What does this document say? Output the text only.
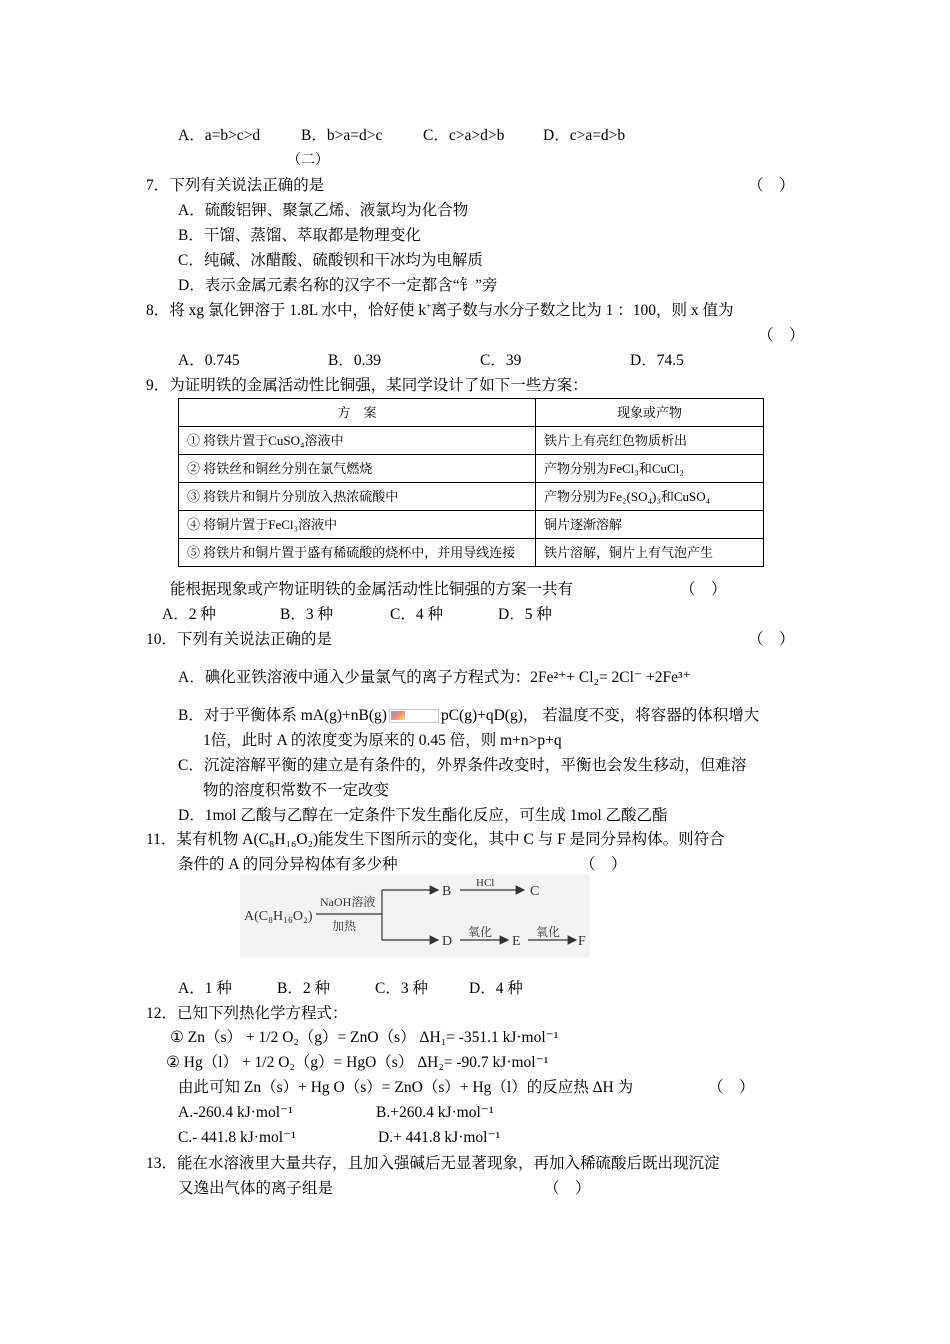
A．a=b>c>d	B．b>a=d>c	C．c>a>d>b D．c>a=d>b
（二）
7．下列有关说法正确的是	（　）
A．硫酸铝钾、聚氯乙烯、液氯均为化合物
B．干馏、蒸馏、萃取都是物理变化
C．纯碱、冰醋酸、硫酸钡和干冰均为电解质
D．表示金属元素名称的汉字不一定都含“钅”旁
8．将 xg 氯化钾溶于 1.8L 水中，恰好使 k+离子数与水分子数之比为 1 ：100，则 x 值为
（　）
A．0.745	B．0.39	C．39	D．74.5
9．为证明铁的金属活动性比铜强，某同学设计了如下一些方案：
方　案	现象或产物
① 将铁片置于CuSO₄溶液中	铁片上有亮红色物质析出
② 将铁丝和铜丝分别在氯气燃烧	产物分别为FeCl₃和CuCl₂
③ 将铁片和铜片分别放入热浓硫酸中	产物分别为Fe₂(SO₄)₃和CuSO₄
④ 将铜片置于FeCl₃溶液中	铜片逐渐溶解
⑤ 将铁片和铜片置于盛有稀硫酸的烧杯中，并用导线连接	铁片溶解，铜片上有气泡产生
能根据现象或产物证明铁的金属活动性比铜强的方案一共有	（　）
A．2 种	B．3 种	C．4 种	D．5 种
10．下列有关说法正确的是	（　）
A．碘化亚铁溶液中通入少量氯气的离子方程式为：2Fe²⁺+ Cl₂= 2Cl⁻ +2Fe³⁺
B．对于平衡体系 mA(g)+nB(g)	pC(g)+qD(g)， 若温度不变，将容器的体积增大
1倍，此时 A 的浓度变为原来的 0.45 倍，则 m+n>p+q
C．沉淀溶解平衡的建立是有条件的，外界条件改变时，平衡也会发生移动，但难溶
物的溶度积常数不一定改变
D．1mol 乙酸与乙醇在一定条件下发生酯化反应，可生成 1mol 乙酸乙酯
11．某有机物 A(C₈H₁₆O₂)能发生下图所示的变化，其中 C 与 F 是同分异构体。则符合
条件的 A 的同分异构体有多少种	（　）
A(C₈H₁₆O₂)
NaOH溶液
加热
B
HCl
C
D
氧化
E
氧化
F
A．1 种	B．2 种	C．3 种	D．4 种
12．已知下列热化学方程式：
① Zn（s） + 1/2 O₂（g）= ZnO（s） ΔH₁= -351.1 kJ·mol⁻¹
② Hg（l） + 1/2 O₂（g）= HgO（s） ΔH₂= -90.7 kJ·mol⁻¹
由此可知 Zn（s）+ Hg O（s）= ZnO（s）+ Hg（l）的反应热 ΔH 为	（　）
A.-260.4 kJ·mol⁻¹	B.+260.4 kJ·mol⁻¹
C.- 441.8 kJ·mol⁻¹	D.+ 441.8 kJ·mol⁻¹
13．能在水溶液里大量共存，且加入强碱后无显著现象，再加入稀硫酸后既出现沉淀
又逸出气体的离子组是	（　）
